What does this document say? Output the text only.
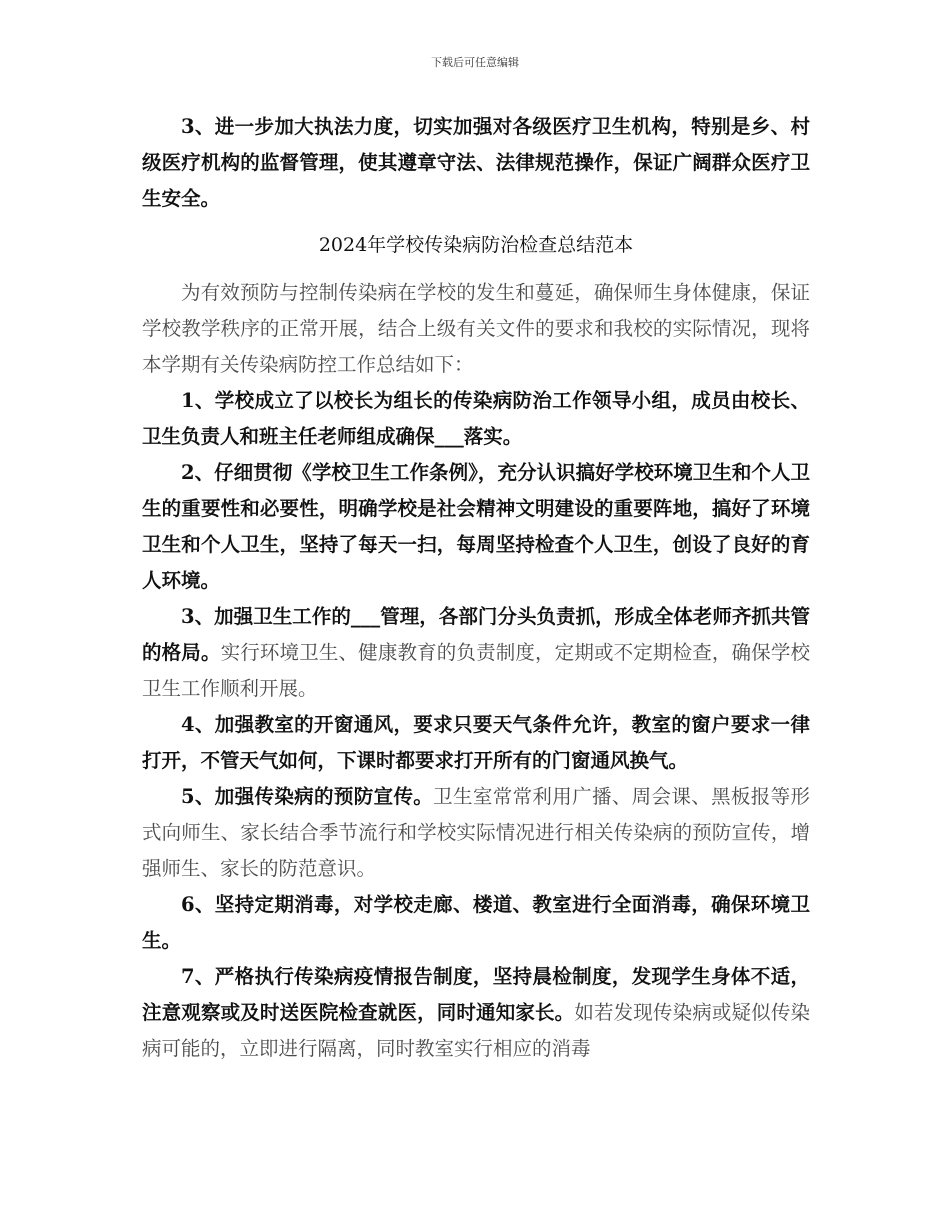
下载后可任意编辑

3、进一步加大执法力度，切实加强对各级医疗卫生机构，特别是乡、村级医疗机构的监督管理，使其遵章守法、法律规范操作，保证广阔群众医疗卫生安全。

2024年学校传染病防治检查总结范本

为有效预防与控制传染病在学校的发生和蔓延，确保师生身体健康，保证学校教学秩序的正常开展，结合上级有关文件的要求和我校的实际情况，现将本学期有关传染病防控工作总结如下：

1、学校成立了以校长为组长的传染病防治工作领导小组，成员由校长、卫生负责人和班主任老师组成确保___落实。

2、仔细贯彻《学校卫生工作条例》，充分认识搞好学校环境卫生和个人卫生的重要性和必要性，明确学校是社会精神文明建设的重要阵地，搞好了环境卫生和个人卫生，坚持了每天一扫，每周坚持检查个人卫生，创设了良好的育人环境。

3、加强卫生工作的___管理，各部门分头负责抓，形成全体老师齐抓共管的格局。实行环境卫生、健康教育的负责制度，定期或不定期检查，确保学校卫生工作顺利开展。

4、加强教室的开窗通风，要求只要天气条件允许，教室的窗户要求一律打开，不管天气如何，下课时都要求打开所有的门窗通风换气。

5、加强传染病的预防宣传。卫生室常常利用广播、周会课、黑板报等形式向师生、家长结合季节流行和学校实际情况进行相关传染病的预防宣传，增强师生、家长的防范意识。

6、坚持定期消毒，对学校走廊、楼道、教室进行全面消毒，确保环境卫生。

7、严格执行传染病疫情报告制度，坚持晨检制度，发现学生身体不适，注意观察或及时送医院检查就医，同时通知家长。如若发现传染病或疑似传染病可能的，立即进行隔离，同时教室实行相应的消毒
